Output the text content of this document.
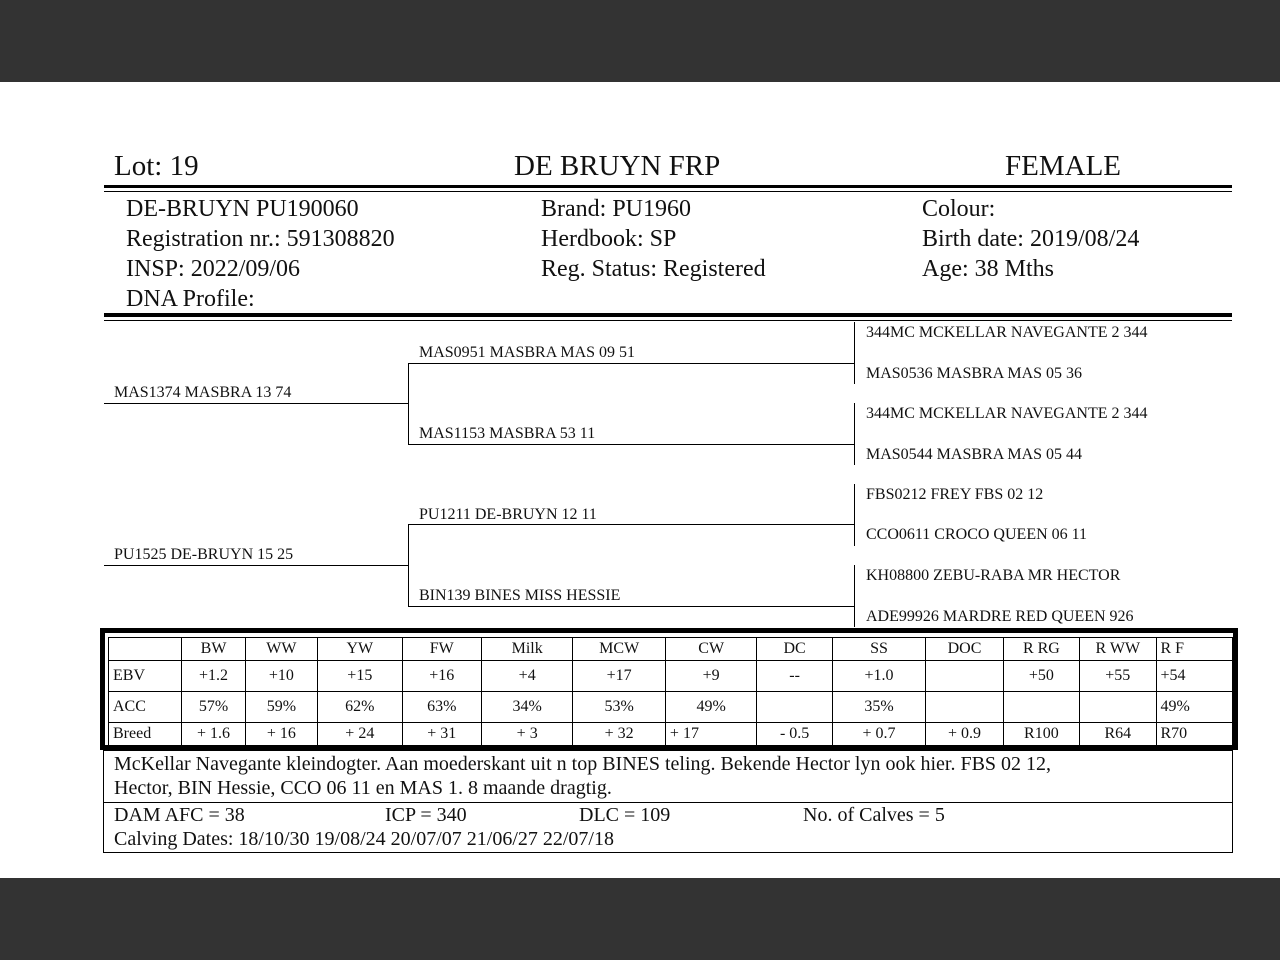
Lot: 19	DE BRUYN FRP	FEMALE
DE-BRUYN PU190060
Registration nr.: 591308820
INSP: 2022/09/06
DNA Profile:
Brand: PU1960
Herdbook: SP
Reg. Status: Registered
Colour:
Birth date: 2019/08/24
Age: 38 Mths
MAS1374 MASBRA 13 74
PU1525 DE-BRUYN 15 25
MAS0951 MASBRA MAS 09 51
MAS1153 MASBRA 53 11
PU1211 DE-BRUYN 12 11
BIN139 BINES MISS HESSIE
344MC MCKELLAR NAVEGANTE 2 344
MAS0536 MASBRA MAS 05 36
344MC MCKELLAR NAVEGANTE 2 344
MAS0544 MASBRA MAS 05 44
FBS0212 FREY FBS 02 12
CCO0611 CROCO QUEEN 06 11
KH08800 ZEBU-RABA MR HECTOR
ADE99926 MARDRE RED QUEEN 926
	BW	WW	YW	FW	Milk	MCW	CW	DC	SS	DOC	R RG	R WW	R F
EBV	+1.2	+10	+15	+16	+4	+17	+9	--	+1.0		+50	+55	+54
ACC	57%	59%	62%	63%	34%	53%	49%		35%				49%
Breed	+ 1.6	+ 16	+ 24	+ 31	+ 3	+ 32	+ 17	- 0.5	+ 0.7	+ 0.9	R100	R64	R70
McKellar Navegante kleindogter. Aan moederskant uit n top BINES teling. Bekende Hector lyn ook hier. FBS 02 12,
Hector, BIN Hessie, CCO 06 11 en MAS 1. 8 maande dragtig.
DAM AFC = 38	ICP = 340	DLC = 109	No. of Calves = 5
Calving Dates: 18/10/30 19/08/24 20/07/07 21/06/27 22/07/18
